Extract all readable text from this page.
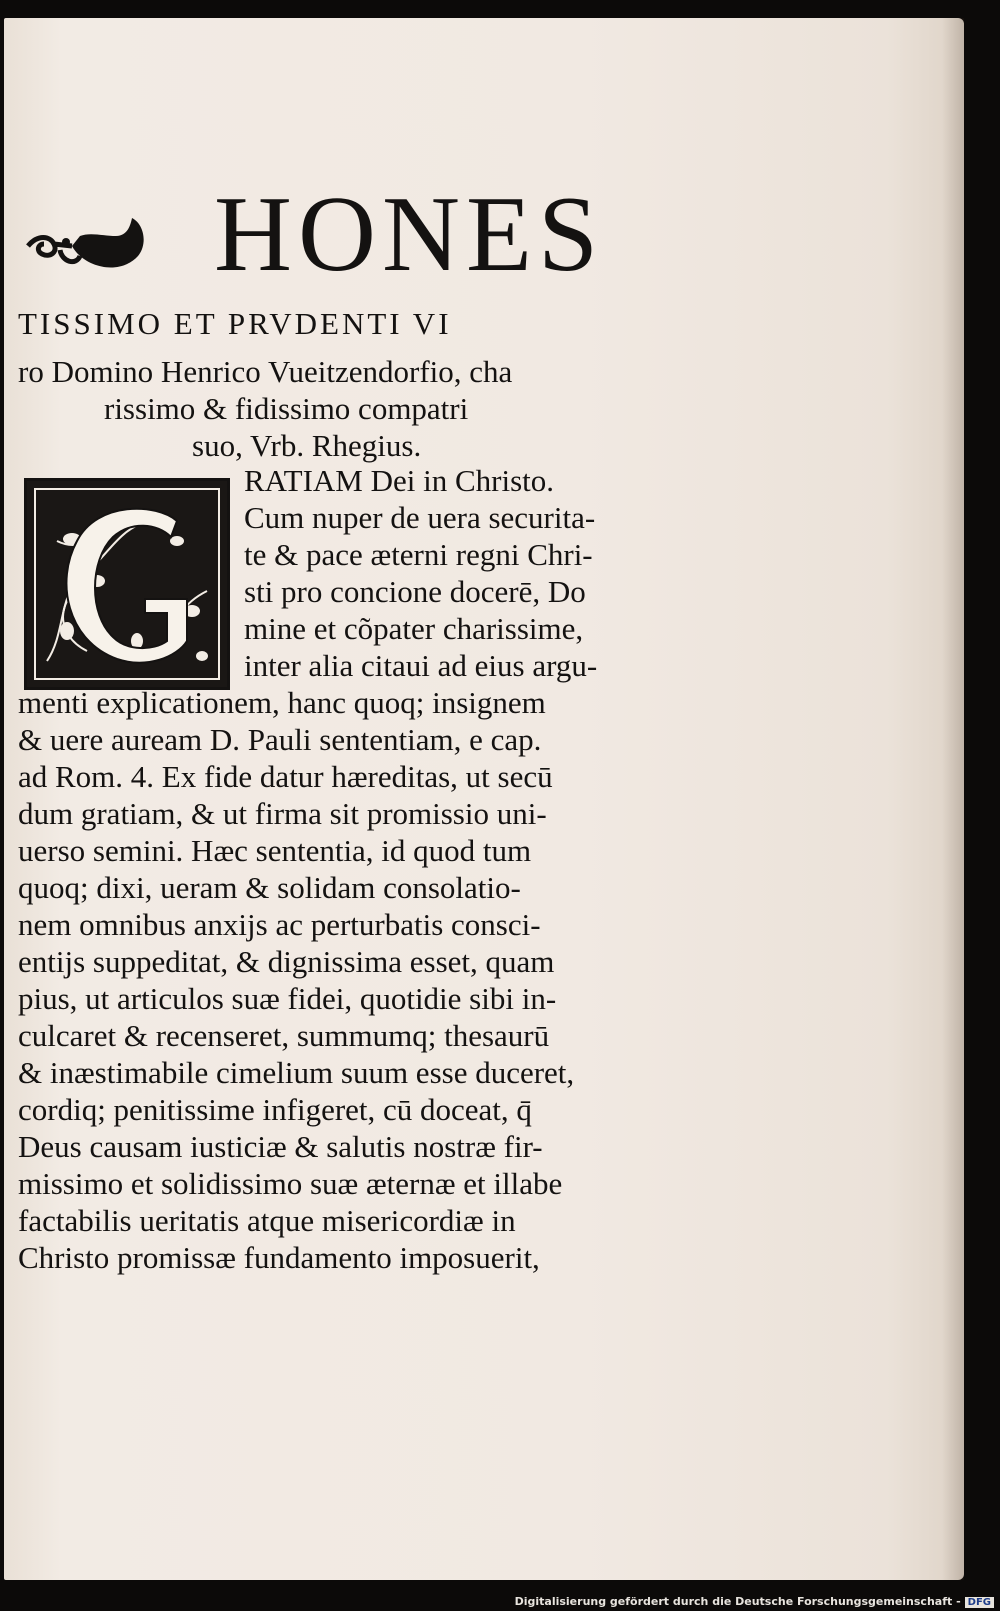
HONES

TISSIMO ET PRVDENTI VI

ro Domino Henrico Vueitzendorfio, cha

rissimo & fidissimo compatri

suo, Vrb. Rhegius.

RATIAM Dei in Christo.

Cum nuper de uera securita-

te & pace æterni regni Chri-

sti pro concione docerē, Do

mine et cõpater charissime,

inter alia citaui ad eius argu-

menti explicationem, hanc quoq; insignem

& uere auream D. Pauli sententiam, e cap.

ad Rom. 4. Ex fide datur hæreditas, ut secū

dum gratiam, & ut firma sit promissio uni-

uerso semini. Hæc sententia, id quod tum

quoq; dixi, ueram & solidam consolatio-

nem omnibus anxijs ac perturbatis consci-

entijs suppeditat, & dignissima esset, quam

pius, ut articulos suæ fidei, quotidie sibi in-

culcaret & recenseret, summumq; thesaurū

& inæstimabile cimelium suum esse duceret,

cordiq; penitissime infigeret, cū doceat, q̄

Deus causam iusticiæ & salutis nostræ fir-

missimo et solidissimo suæ æternæ et illabe

factabilis ueritatis atque misericordiæ in

Christo promissæ fundamento imposuerit,

Digitalisierung gefördert durch die Deutsche Forschungsgemeinschaft - DFG
